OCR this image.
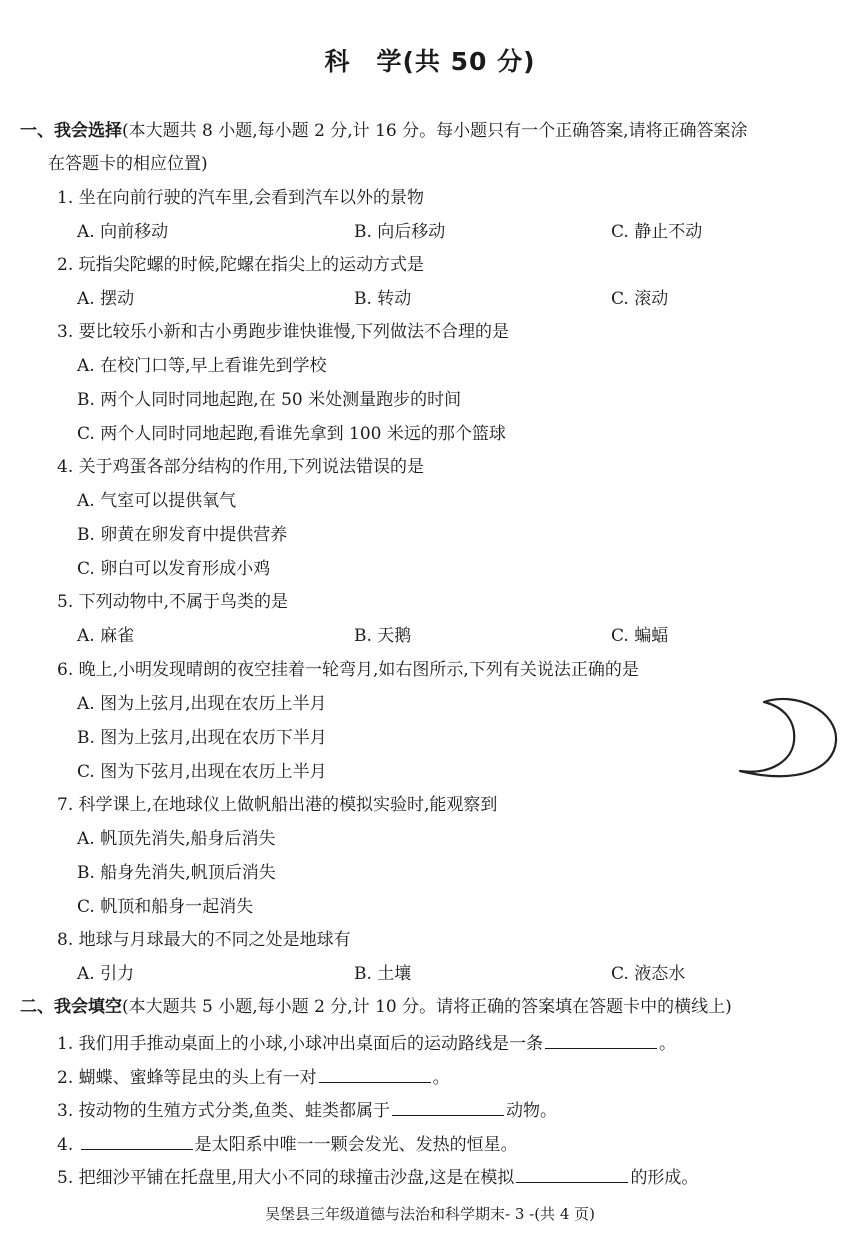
科　学(共 50 分)
一、我会选择(本大题共 8 小题,每小题 2 分,计 16 分。每小题只有一个正确答案,请将正确答案涂
在答题卡的相应位置)
1. 坐在向前行驶的汽车里,会看到汽车以外的景物
A. 向前移动	B. 向后移动	C. 静止不动
2. 玩指尖陀螺的时候,陀螺在指尖上的运动方式是
A. 摆动	B. 转动	C. 滚动
3. 要比较乐小新和古小勇跑步谁快谁慢,下列做法不合理的是
A. 在校门口等,早上看谁先到学校
B. 两个人同时同地起跑,在 50 米处测量跑步的时间
C. 两个人同时同地起跑,看谁先拿到 100 米远的那个篮球
4. 关于鸡蛋各部分结构的作用,下列说法错误的是
A. 气室可以提供氧气
B. 卵黄在卵发育中提供营养
C. 卵白可以发育形成小鸡
5. 下列动物中,不属于鸟类的是
A. 麻雀	B. 天鹅	C. 蝙蝠
6. 晚上,小明发现晴朗的夜空挂着一轮弯月,如右图所示,下列有关说法正确的是
A. 图为上弦月,出现在农历上半月
B. 图为上弦月,出现在农历下半月
C. 图为下弦月,出现在农历上半月
7. 科学课上,在地球仪上做帆船出港的模拟实验时,能观察到
A. 帆顶先消失,船身后消失
B. 船身先消失,帆顶后消失
C. 帆顶和船身一起消失
8. 地球与月球最大的不同之处是地球有
A. 引力	B. 土壤	C. 液态水
二、我会填空(本大题共 5 小题,每小题 2 分,计 10 分。请将正确的答案填在答题卡中的横线上)
1. 我们用手推动桌面上的小球,小球冲出桌面后的运动路线是一条	。
2. 蝴蝶、蜜蜂等昆虫的头上有一对	。
3. 按动物的生殖方式分类,鱼类、蛙类都属于	动物。
4.	是太阳系中唯一一颗会发光、发热的恒星。
5. 把细沙平铺在托盘里,用大小不同的球撞击沙盘,这是在模拟	的形成。
吴堡县三年级道德与法治和科学期末- 3 -(共 4 页)
